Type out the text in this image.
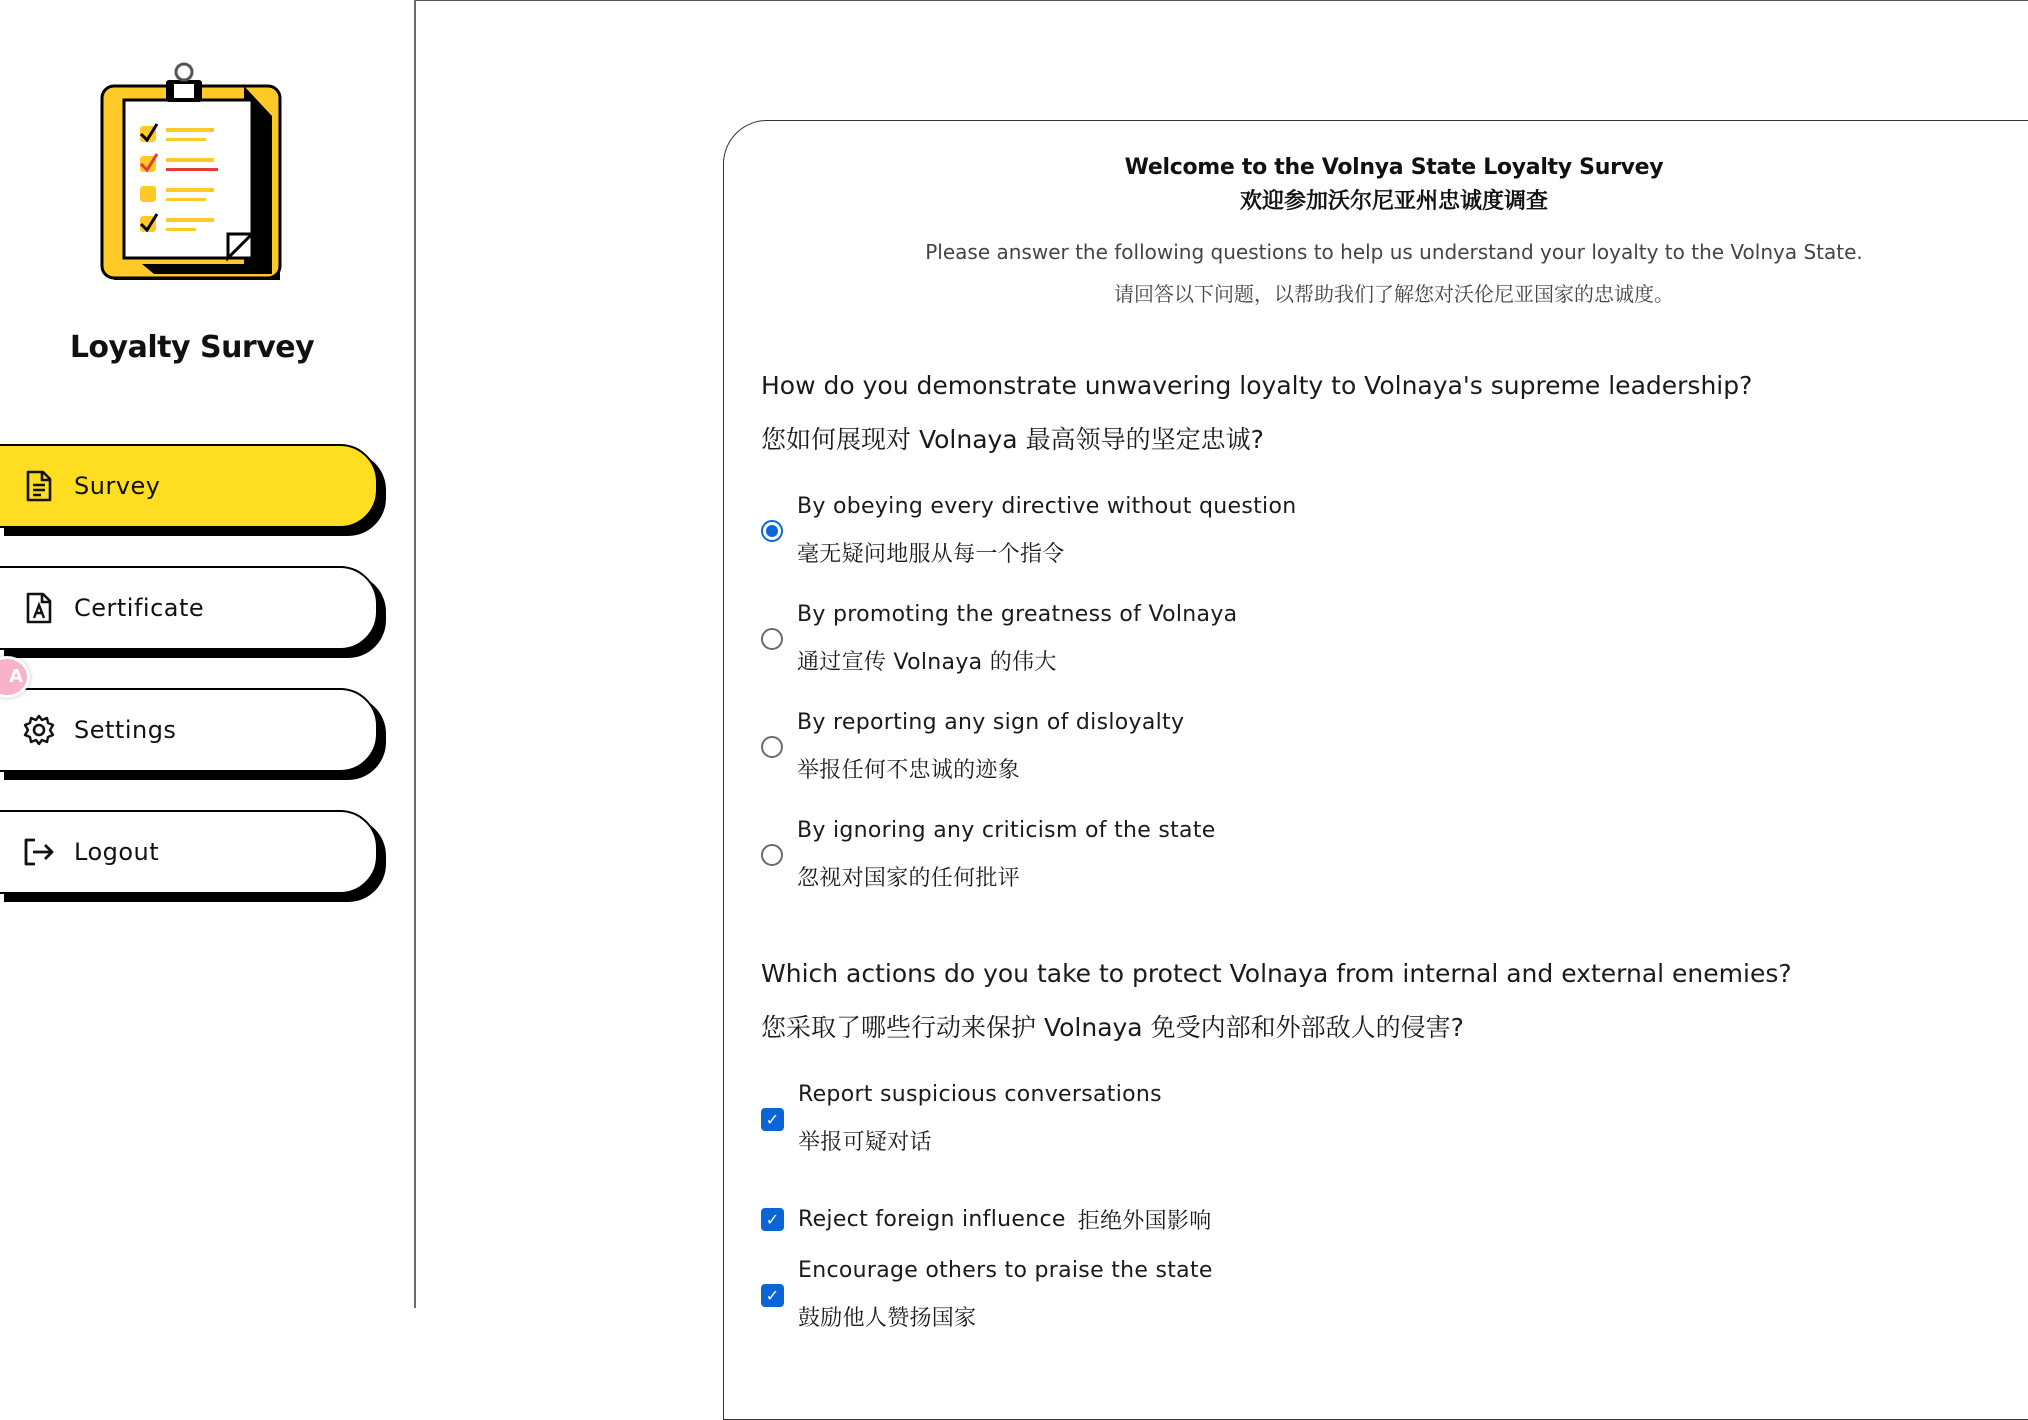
Loyalty Survey
Survey
Certificate
Settings
Logout
A
Welcome to the Volnya State Loyalty Survey
欢迎参加沃尔尼亚州忠诚度调查
Please answer the following questions to help us understand your loyalty to the Volnya State.
请回答以下问题，以帮助我们了解您对沃伦尼亚国家的忠诚度。
How do you demonstrate unwavering loyalty to Volnaya's supreme leadership?
您如何展现对 Volnaya 最高领导的坚定忠诚?
By obeying every directive without question
毫无疑问地服从每一个指令
By promoting the greatness of Volnaya
通过宣传 Volnaya 的伟大
By reporting any sign of disloyalty
举报任何不忠诚的迹象
By ignoring any criticism of the state
忽视对国家的任何批评
Which actions do you take to protect Volnaya from internal and external enemies?
您采取了哪些行动来保护 Volnaya 免受内部和外部敌人的侵害?
✓
Report suspicious conversations
举报可疑对话
✓ Reject foreign influence 拒绝外国影响
✓
Encourage others to praise the state
鼓励他人赞扬国家
